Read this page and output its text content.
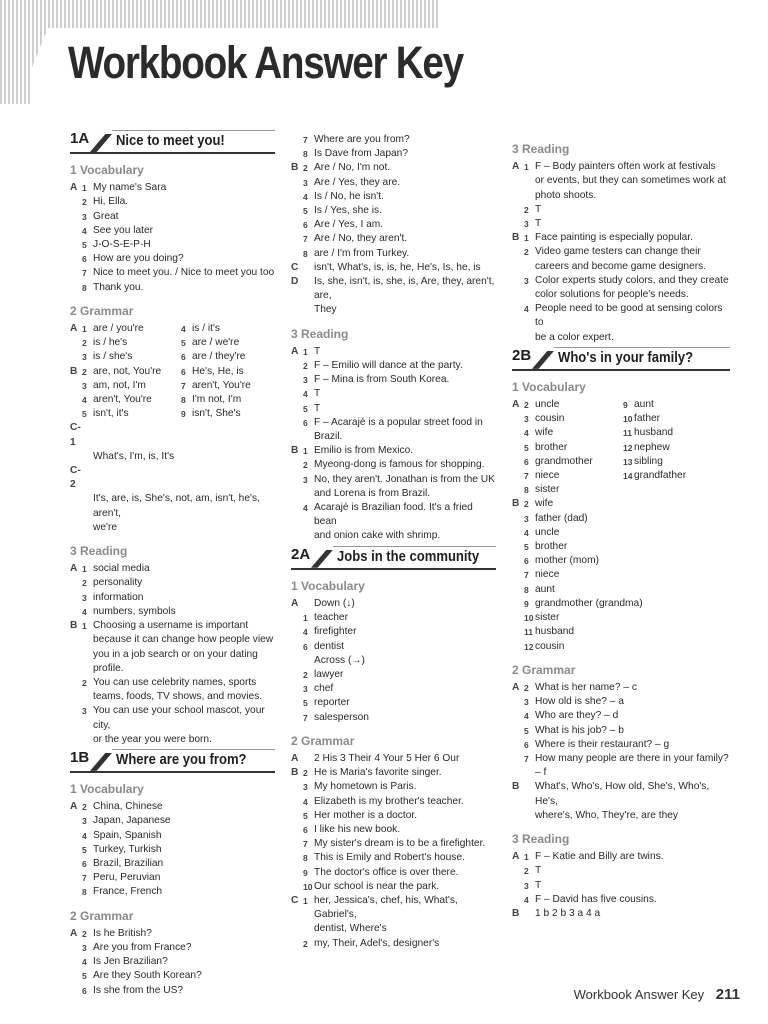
Workbook Answer Key
1A Nice to meet you!
1 Vocabulary
A 1 My name's Sara
2 Hi, Ella.
3 Great
4 See you later
5 J-O-S-E-P-H
6 How are you doing?
7 Nice to meet you. / Nice to meet you too
8 Thank you.
2 Grammar
A 1 are / you're	4 is / it's
2 is / he's	5 are / we're
3 is / she's	6 are / they're
B 2 are, not, You're	6 He's, He, is
3 am, not, I'm	7 aren't, You're
4 aren't, You're	8 I'm not, I'm
5 isn't, it's	9 isn't, She's
C-1
What's, I'm, is, It's
C-2
It's, are, is, She's, not, am, isn't, he's, aren't,
we're
3 Reading
A 1 social media
2 personality
3 information
4 numbers, symbols
B 1 Choosing a username is important
because it can change how people view
you in a job search or on your dating
profile.
2 You can use celebrity names, sports
teams, foods, TV shows, and movies.
3 You can use your school mascot, your city,
or the year you were born.
1B Where are you from?
1 Vocabulary
A 2 China, Chinese
3 Japan, Japanese
4 Spain, Spanish
5 Turkey, Turkish
6 Brazil, Brazilian
7 Peru, Peruvian
8 France, French
2 Grammar
A 2 Is he British?
3 Are you from France?
4 Is Jen Brazilian?
5 Are they South Korean?
6 Is she from the US?
7 Where are you from?
8 Is Dave from Japan?
B 2 Are / No, I'm not.
3 Are / Yes, they are.
4 Is / No, he isn't.
5 Is / Yes, she is.
6 Are / Yes, I am.
7 Are / No, they aren't.
8 are / I'm from Turkey.
C	isn't, What's, is, is, he, He's, Is, he, is
D	Is, she, isn't, is, she, is, Are, they, aren't, are,
They
3 Reading
A 1 T
2 F – Emilio will dance at the party.
3 F – Mina is from South Korea.
4 T
5 T
6 F – Acarajé is a popular street food in
Brazil.
B 1 Emilio is from Mexico.
2 Myeong-dong is famous for shopping.
3 No, they aren't. Jonathan is from the UK
and Lorena is from Brazil.
4 Acarajé is Brazilian food. It's a fried bean
and onion cake with shrimp.
2A Jobs in the community
1 Vocabulary
A	Down (↓)
1 teacher
4 firefighter
6 dentist
Across (→)
2 lawyer
3 chef
5 reporter
7 salesperson
2 Grammar
A	2 His 3 Their 4 Your 5 Her 6 Our
B 2 He is Maria's favorite singer.
3 My hometown is Paris.
4 Elizabeth is my brother's teacher.
5 Her mother is a doctor.
6 I like his new book.
7 My sister's dream is to be a firefighter.
8 This is Emily and Robert's house.
9 The doctor's office is over there.
10 Our school is near the park.
C 1 her, Jessica's, chef, his, What's, Gabriel's,
dentist, Where's
2 my, Their, Adel's, designer's
3 Reading
A 1 F – Body painters often work at festivals
or events, but they can sometimes work at
photo shoots.
2 T
3 T
B 1 Face painting is especially popular.
2 Video game testers can change their
careers and become game designers.
3 Color experts study colors, and they create
color solutions for people's needs.
4 People need to be good at sensing colors to
be a color expert.
2B Who's in your family?
1 Vocabulary
A 2 uncle	9 aunt
3 cousin	10 father
4 wife	11 husband
5 brother	12 nephew
6 grandmother	13 sibling
7 niece	14 grandfather
8 sister
B 2 wife
3 father (dad)
4 uncle
5 brother
6 mother (mom)
7 niece
8 aunt
9 grandmother (grandma)
10 sister
11 husband
12 cousin
2 Grammar
A 2 What is her name? – c
3 How old is she? – a
4 Who are they? – d
5 What is his job? – b
6 Where is their restaurant? – g
7 How many people are there in your family?
– f
B	What's, Who's, How old, She's, Who's, He's,
where's, Who, They're, are they
3 Reading
A 1 F – Katie and Billy are twins.
2 T
3 T
4 F – David has five cousins.
B	1 b 2 b 3 a 4 a
Workbook Answer Key 211
